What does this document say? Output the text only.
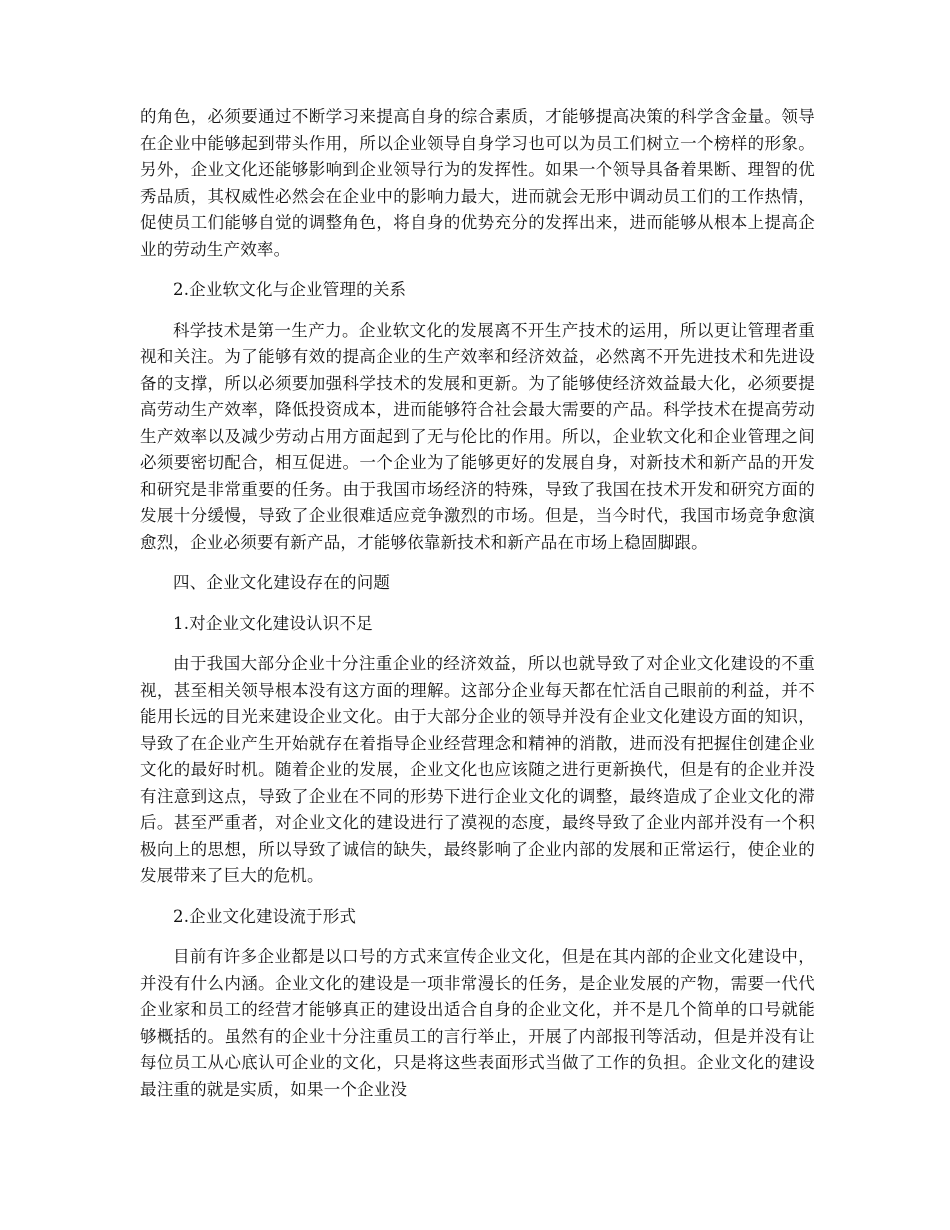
的角色，必须要通过不断学习来提高自身的综合素质，才能够提高决策的科学含金量。领导在企业中能够起到带头作用，所以企业领导自身学习也可以为员工们树立一个榜样的形象。另外，企业文化还能够影响到企业领导行为的发挥性。如果一个领导具备着果断、理智的优秀品质，其权威性必然会在企业中的影响力最大，进而就会无形中调动员工们的工作热情，促使员工们能够自觉的调整角色，将自身的优势充分的发挥出来，进而能够从根本上提高企业的劳动生产效率。

2.企业软文化与企业管理的关系

科学技术是第一生产力。企业软文化的发展离不开生产技术的运用，所以更让管理者重视和关注。为了能够有效的提高企业的生产效率和经济效益，必然离不开先进技术和先进设备的支撑，所以必须要加强科学技术的发展和更新。为了能够使经济效益最大化，必须要提高劳动生产效率，降低投资成本，进而能够符合社会最大需要的产品。科学技术在提高劳动生产效率以及减少劳动占用方面起到了无与伦比的作用。所以，企业软文化和企业管理之间必须要密切配合，相互促进。一个企业为了能够更好的发展自身，对新技术和新产品的开发和研究是非常重要的任务。由于我国市场经济的特殊，导致了我国在技术开发和研究方面的发展十分缓慢，导致了企业很难适应竞争激烈的市场。但是，当今时代，我国市场竞争愈演愈烈，企业必须要有新产品，才能够依靠新技术和新产品在市场上稳固脚跟。

四、企业文化建设存在的问题

1.对企业文化建设认识不足

由于我国大部分企业十分注重企业的经济效益，所以也就导致了对企业文化建设的不重视，甚至相关领导根本没有这方面的理解。这部分企业每天都在忙活自己眼前的利益，并不能用长远的目光来建设企业文化。由于大部分企业的领导并没有企业文化建设方面的知识，导致了在企业产生开始就存在着指导企业经营理念和精神的消散，进而没有把握住创建企业文化的最好时机。随着企业的发展，企业文化也应该随之进行更新换代，但是有的企业并没有注意到这点，导致了企业在不同的形势下进行企业文化的调整，最终造成了企业文化的滞后。甚至严重者，对企业文化的建设进行了漠视的态度，最终导致了企业内部并没有一个积极向上的思想，所以导致了诚信的缺失，最终影响了企业内部的发展和正常运行，使企业的发展带来了巨大的危机。

2.企业文化建设流于形式

目前有许多企业都是以口号的方式来宣传企业文化，但是在其内部的企业文化建设中，并没有什么内涵。企业文化的建设是一项非常漫长的任务，是企业发展的产物，需要一代代企业家和员工的经营才能够真正的建设出适合自身的企业文化，并不是几个简单的口号就能够概括的。虽然有的企业十分注重员工的言行举止，开展了内部报刊等活动，但是并没有让每位员工从心底认可企业的文化，只是将这些表面形式当做了工作的负担。企业文化的建设最注重的就是实质，如果一个企业没
